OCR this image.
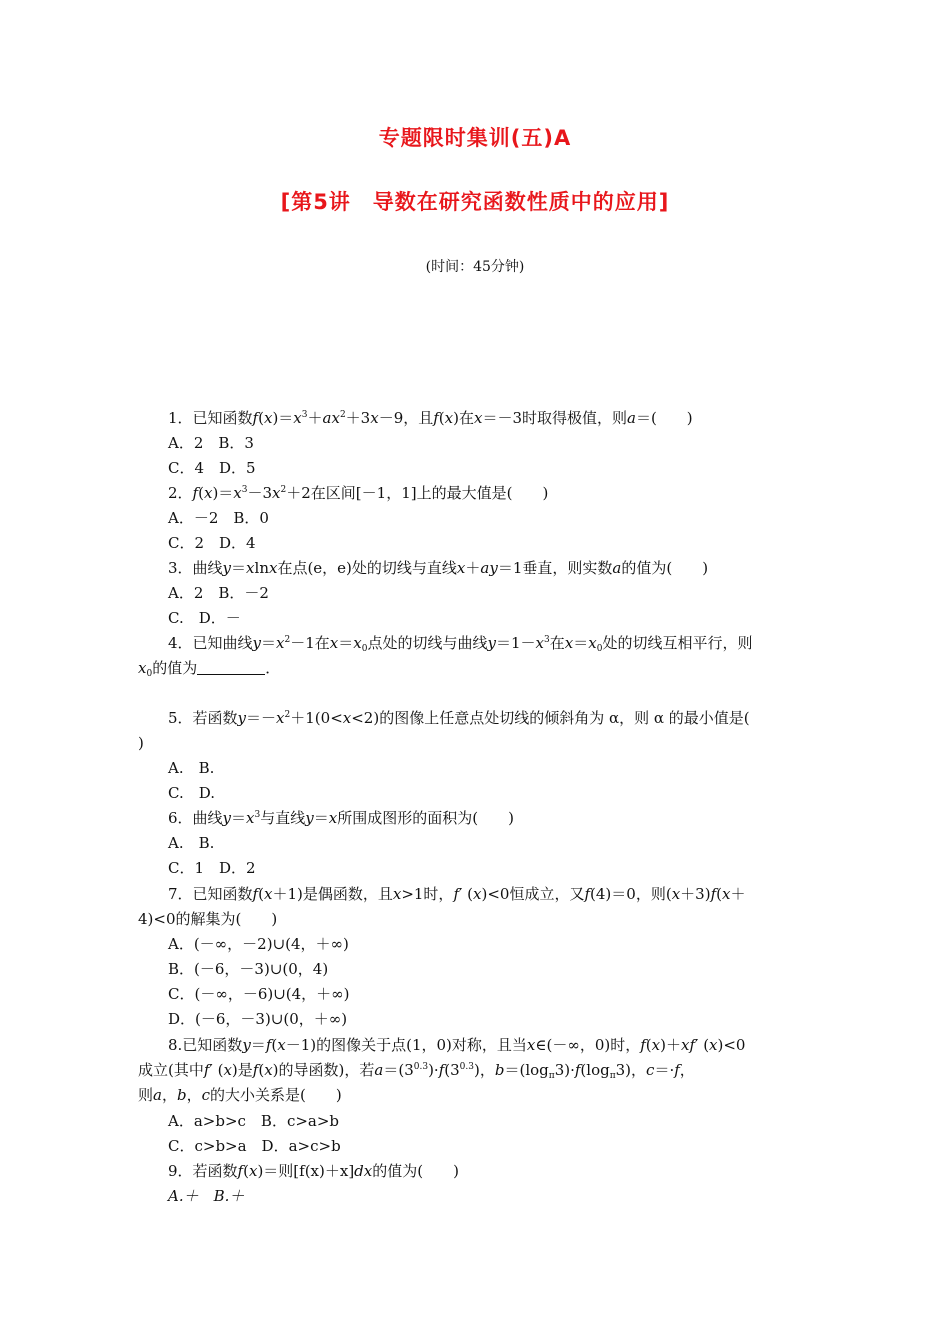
专题限时集训(五)A
[第5讲　导数在研究函数性质中的应用]
(时间：45分钟)
1．已知函数$f(x)=x^3+ax^2+3x-9$，且f(x)在x＝－3时取得极值，则a＝(　　)
A．2　B．3
C．4　D．5
2．$f(x)=x^3-3x^2+2$在区间[－1，1]上的最大值是(　　)
A．－2　B．0
C．2　D．4
3．曲线y＝xlnx在点(e，e)处的切线与直线x＋ay＝1垂直，则实数a的值为(　　)
A．2　B．－2
C.　D．－
4．已知曲线$y=x^2-1$在$x=x_0$点处的切线与曲线$y=1-x^3$在$x=x_0$处的切线互相平行，则
$x_0$的值为	．
5．若函数$y=-x^2+1(0<x<2)$的图像上任意点处切线的倾斜角为 α，则 α 的最小值是(
)
A.　B.
C.　D.
6．曲线$y=x^3$与直线y＝x所围成图形的面积为(　　)
A.　B.
C．1　D．2
7．已知函数f(x＋1)是偶函数，且x>1时，f′ (x)<0恒成立，又f(4)＝0，则(x＋3)f(x＋
4)<0的解集为(　　)
A．(－∞，－2)∪(4，＋∞)
B．(－6，－3)∪(0，4)
C．(－∞，－6)∪(4，＋∞)
D．(－6，－3)∪(0，＋∞)
8.已知函数y＝f(x－1)的图像关于点(1，0)对称，且当x∈(－∞，0)时，f(x)＋xf′ (x)<0
成立(其中f′ (x)是f(x)的导函数)，若$a=(3^{0.3})\cdot f(3^{0.3})$，$b=(\log_\pi 3)\cdot f(\log_\pi 3)$，c＝·f，
则a，b，c的大小关系是(　　)
A．a>b>c　B．c>a>b
C．c>b>a　D．a>c>b
9．若函数f(x)＝则[f(x)＋x]dx的值为(　　)
A.＋　B.＋
